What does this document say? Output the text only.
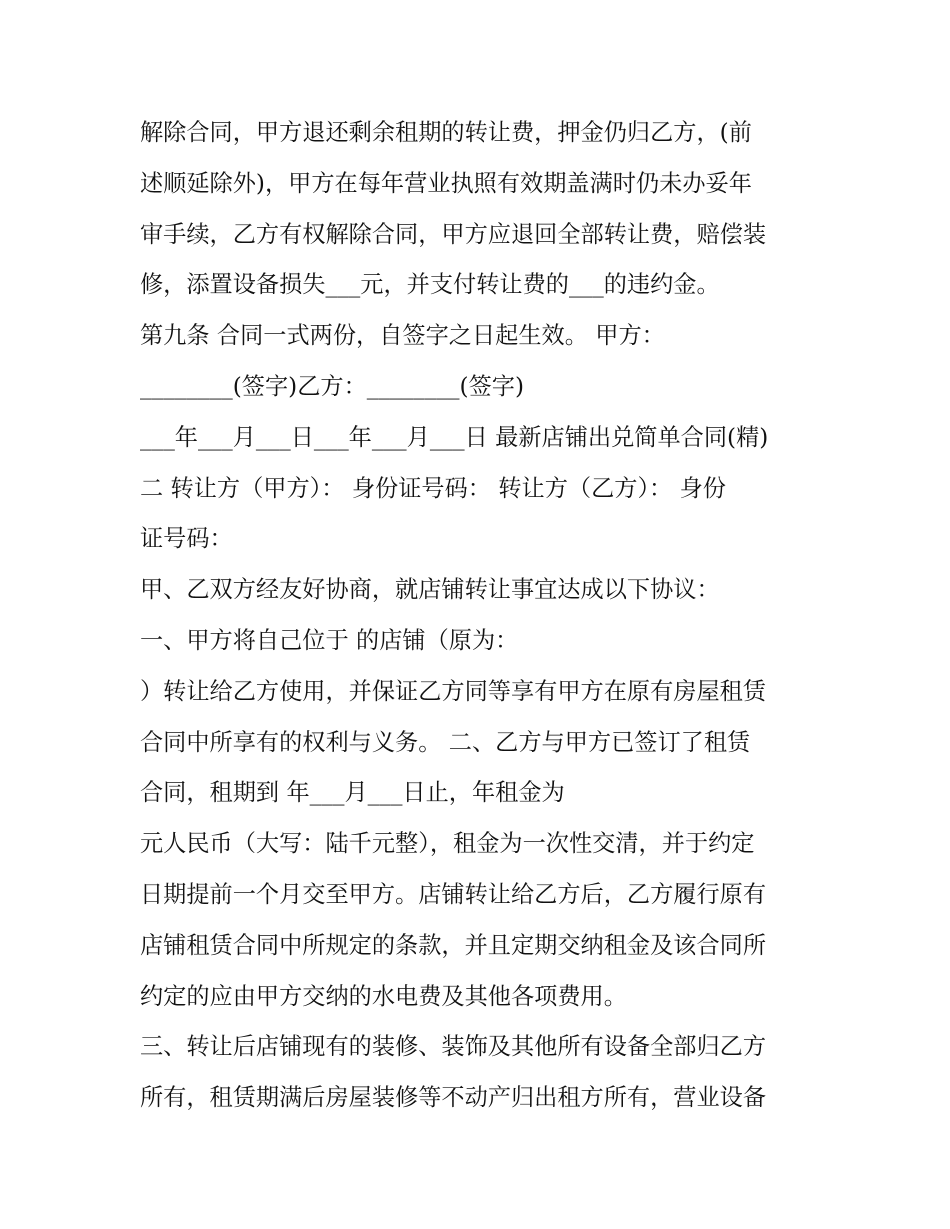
解除合同，甲方退还剩余租期的转让费，押金仍归乙方，(前
述顺延除外)，甲方在每年营业执照有效期盖满时仍未办妥年
审手续，乙方有权解除合同，甲方应退回全部转让费，赔偿装
修，添置设备损失___元，并支付转让费的___的违约金。
第九条 合同一式两份，自签字之日起生效。 甲方：
________(签字)乙方：________(签字)
___年___月___日___年___月___日 最新店铺出兑简单合同(精)
二 转让方（甲方）： 身份证号码： 转让方（乙方）： 身份
证号码：
甲、乙双方经友好协商，就店铺转让事宜达成以下协议：
一、甲方将自己位于 的店铺（原为：
）转让给乙方使用，并保证乙方同等享有甲方在原有房屋租赁
合同中所享有的权利与义务。 二、乙方与甲方已签订了租赁
合同，租期到 年___月___日止，年租金为
元人民币（大写：陆千元整），租金为一次性交清，并于约定
日期提前一个月交至甲方。店铺转让给乙方后，乙方履行原有
店铺租赁合同中所规定的条款，并且定期交纳租金及该合同所
约定的应由甲方交纳的水电费及其他各项费用。
三、转让后店铺现有的装修、装饰及其他所有设备全部归乙方
所有，租赁期满后房屋装修等不动产归出租方所有，营业设备
